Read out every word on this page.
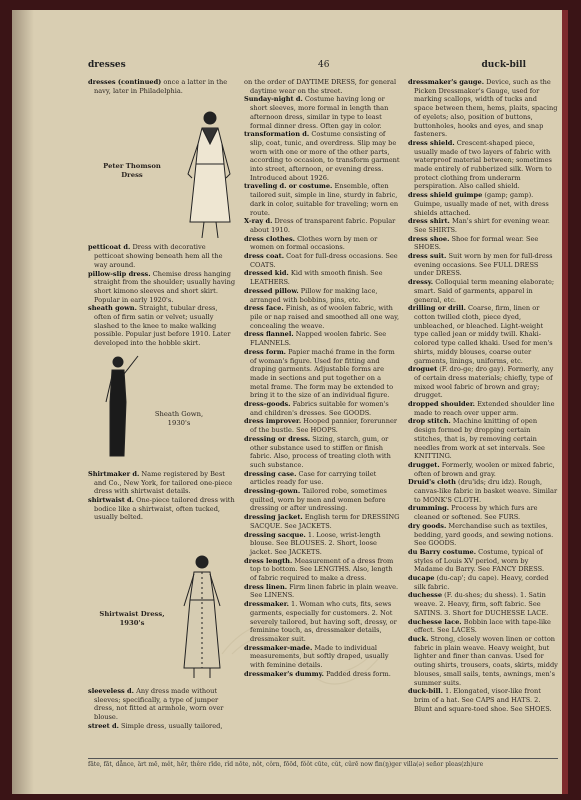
dresses	46	duck-bill

dresses (continued) once a latter in the navy, later in Philadelphia.

petticoat d. Dress with decorative petticoat showing beneath hem all the way around.

pillow-slip dress. Chemise dress hanging straight from the shoulder; usually having short kimono sleeves and short skirt. Popular in early 1920's.

sheath gown. Straight, tubular dress, often of firm satin or velvet; usually slashed to the knee to make walking possible. Popular just before 1910. Later developed into the hobble skirt.

Shirtmaker d. Name registered by Best and Co., New York, for tailored one-piece dress with shirtwaist details.

shirtwaist d. One-piece tailored dress with bodice like a shirtwaist, often tucked, usually belted.

sleeveless d. Any dress made without sleeves; specifically, a type of jumper dress, not fitted at armhole, worn over blouse.

street d. Simple dress, usually tailored,

Peter Thomson
Dress
Sheath Gown,
1930's
Shirtwaist Dress,
1930's

on the order of DAYTIME DRESS, for general daytime wear on the street.

Sunday-night d. Costume having long or short sleeves, more formal in length than afternoon dress, similar in type to least formal dinner dress. Often gay in color.

transformation d. Costume consisting of slip, coat, tunic, and overdress. Slip may be worn with one or more of the other parts, according to occasion, to transform garment into street, afternoon, or evening dress. Introduced about 1926.

traveling d. or costume. Ensemble, often tailored suit, simple in line, sturdy in fabric, dark in color, suitable for traveling; worn en route.

X-ray d. Dress of transparent fabric. Popular about 1910.

dress clothes. Clothes worn by men or women on formal occasions.

dress coat. Coat for full-dress occasions. See COATS.

dressed kid. Kid with smooth finish. See LEATHERS.

dressed pillow. Pillow for making lace, arranged with bobbins, pins, etc.

dress face. Finish, as of woolen fabric, with pile or nap raised and smoothed all one way, concealing the weave.

dress flannel. Napped woolen fabric. See FLANNELS.

dress form. Papier maché frame in the form of woman's figure. Used for fitting and draping garments. Adjustable forms are made in sections and put together on a metal frame. The form may be extended to bring it to the size of an individual figure.

dress-goods. Fabrics suitable for women's and children's dresses. See GOODS.

dress improver. Hooped pannier, forerunner of the bustle. See HOOPS.

dressing or dress. Sizing, starch, gum, or other substance used to stiffen or finish fabric. Also, process of treating cloth with such substance.

dressing case. Case for carrying toilet articles ready for use.

dressing-gown. Tailored robe, sometimes quilted, worn by men and women before dressing or after undressing.

dressing jacket. English term for DRESSING SACQUE. See JACKETS.

dressing sacque. 1. Loose, wrist-length blouse. See BLOUSES. 2. Short, loose jacket. See JACKETS.

dress length. Measurement of a dress from top to bottom. See LENGTHS. Also, length of fabric required to make a dress.

dress linen. Firm linen fabric in plain weave. See LINENS.

dressmaker. 1. Woman who cuts, fits, sews garments, especially for customers. 2. Not severely tailored, but having soft, dressy, or feminine touch, as, dressmaker details, dressmaker suit.

dressmaker-made. Made to individual measurements, but softly draped, usually with feminine details.

dressmaker's dummy. Padded dress form.

dressmaker's gauge. Device, such as the Picken Dressmaker's Gauge, used for marking scallops, width of tucks and space between them, hems, plaits, spacing of eyelets; also, position of buttons, buttonholes, hooks and eyes, and snap fasteners.

dress shield. Crescent-shaped piece, usually made of two layers of fabric with waterproof material between; sometimes made entirely of rubberized silk. Worn to protect clothing from underarm perspiration. Also called shield.

dress shield guimpe (gamp; gamp). Guimpe, usually made of net, with dress shields attached.

dress shirt. Man's shirt for evening wear. See SHIRTS.

dress shoe. Shoe for formal wear. See SHOES.

dress suit. Suit worn by men for full-dress evening occasions. See FULL DRESS under DRESS.

dressy. Colloquial term meaning elaborate; smart. Said of garments, apparel in general, etc.

drilling or drill. Coarse, firm, linen or cotton twilled cloth, piece dyed, unbleached, or bleached. Light-weight type called jean or middy twill. Khaki-colored type called khaki. Used for men's shirts, middy blouses, coarse outer garments, linings, uniforms, etc.

droguet (F. dro-ge; dro gay). Formerly, any of certain dress materials; chiefly, type of mixed wool fabric of brown and gray; drugget.

dropped shoulder. Extended shoulder line made to reach over upper arm.

drop stitch. Machine knitting of open design formed by dropping certain stitches, that is, by removing certain needles from work at set intervals. See KNITTING.

drugget. Formerly, woolen or mixed fabric, often of brown and gray.

Druid's cloth (dru'ids; dru idz). Rough, canvas-like fabric in basket weave. Similar to MONK'S CLOTH.

drumming. Process by which furs are cleaned or softened. See FURS.

dry goods. Merchandise such as textiles, bedding, yard goods, and sewing notions. See GOODS.

du Barry costume. Costume, typical of styles of Louis XV period, worn by Madame du Barry. See FANCY DRESS.

ducape (du-cap'; du cape). Heavy, corded silk fabric.

duchesse (F. du-shes; du shess). 1. Satin weave. 2. Heavy, firm, soft fabric. See SATINS. 3. Short for DUCHESSE LACE.

duchesse lace. Bobbin lace with tape-like effect. See LACES.

duck. Strong, closely woven linen or cotton fabric in plain weave. Heavy weight, but lighter and finer than canvas. Used for outing shirts, trousers, coats, skirts, middy blouses, small sails, tents, awnings, men's summer suits.

duck-bill. 1. Elongated, visor-like front brim of a hat. See CAPS and HATS. 2. Blunt and square-toed shoe. See SHOES.

fāte, făt, dånce, ärt mē, mĕt, hēr, thêre rīde, rĭd nōte, nŏt, côrn, fōōd, fŏŏt cūte, cŭt, cûrē now fin(ŋ)ger villa(ə) señor pleas(zh)ure
